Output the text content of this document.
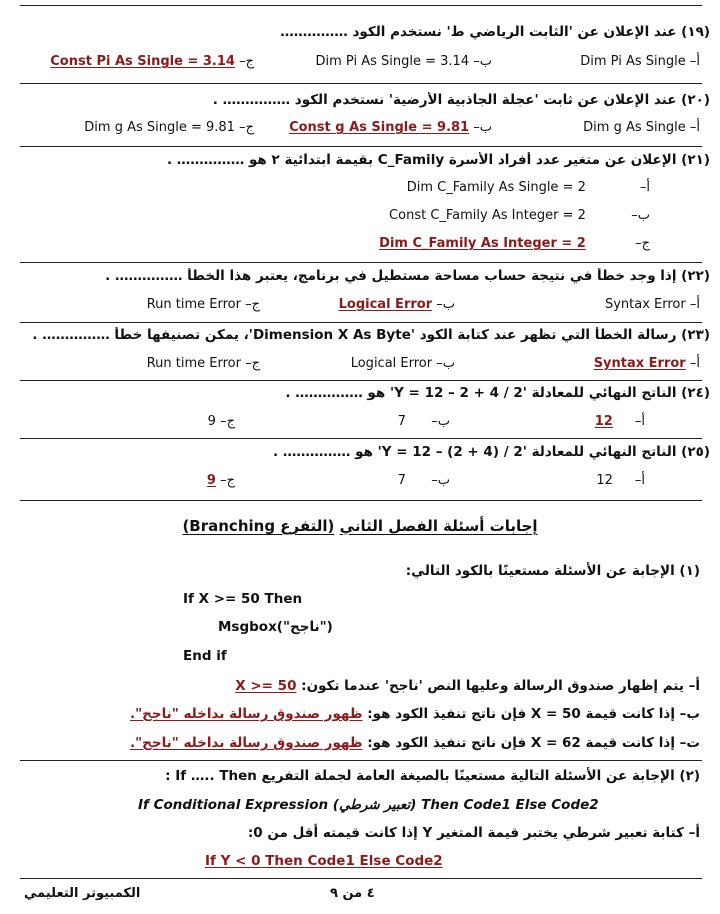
(١٩) عند الإعلان عن 'الثابت الرياضي ط' نستخدم الكود ……………
أ– Dim Pi As Single
ب– Dim Pi As Single = 3.14
ج– Const Pi As Single = 3.14
(٢٠) عند الإعلان عن ثابت 'عجلة الجاذبية الأرضية' نستخدم الكود …………… .
أ– Dim g As Single
ب– Const g As Single = 9.81
ج– Dim g As Single = 9.81
(٢١) الإعلان عن متغير عدد أفراد الأسرة C_Family بقيمة ابتدائية ٢ هو …………… .
أ– Dim C_Family As Single = 2
ب– Const C_Family As Integer = 2
ج– Dim C_Family As Integer = 2
(٢٢) إذا وجد خطأ في نتيجة حساب مساحة مستطيل في برنامج، يعتبر هذا الخطأ …………… .
أ– Syntax Error
ب– Logical Error
ج– Run time Error
(٢٣) رسالة الخطأ التي تظهر عند كتابة الكود 'Dimension X As Byte'، يمكن تصنيفها خطأ …………… .
أ– Syntax Error
ب– Logical Error
ج– Run time Error
(٢٤) الناتج النهائي للمعادلة 'Y = 12 – 2 + 4 / 2' هو …………… .
أ– 12
ب– 7
ج– 9
(٢٥) الناتج النهائي للمعادلة 'Y = 12 – (2 + 4) / 2' هو …………… .
أ– 12
ب– 7
ج– 9
إجابات أسئلة الفصل الثاني (التفرع Branching)
(١) الإجابة عن الأسئلة مستعينًا بالكود التالي:
If X >= 50 Then
Msgbox("ناجح")
End if
أ– يتم إظهار صندوق الرسالة وعليها النص 'ناجح' عندما تكون: X >= 50
ب– إذا كانت قيمة X = 50 فإن ناتج تنفيذ الكود هو: ظهور صندوق رسالة بداخله "ناجح".
ت– إذا كانت قيمة X = 62 فإن ناتج تنفيذ الكود هو: ظهور صندوق رسالة بداخله "ناجح".
(٢) الإجابة عن الأسئلة التالية مستعينًا بالصيغة العامة لجملة التفريع If ….. Then :
If Conditional Expression (تعبير شرطي) Then Code1 Else Code2
أ– كتابة تعبير شرطي يختبر قيمة المتغير Y إذا كانت قيمته أقل من 0:
If Y < 0 Then Code1 Else Code2
الكمبيوتر التعليمي	٤ من ٩
